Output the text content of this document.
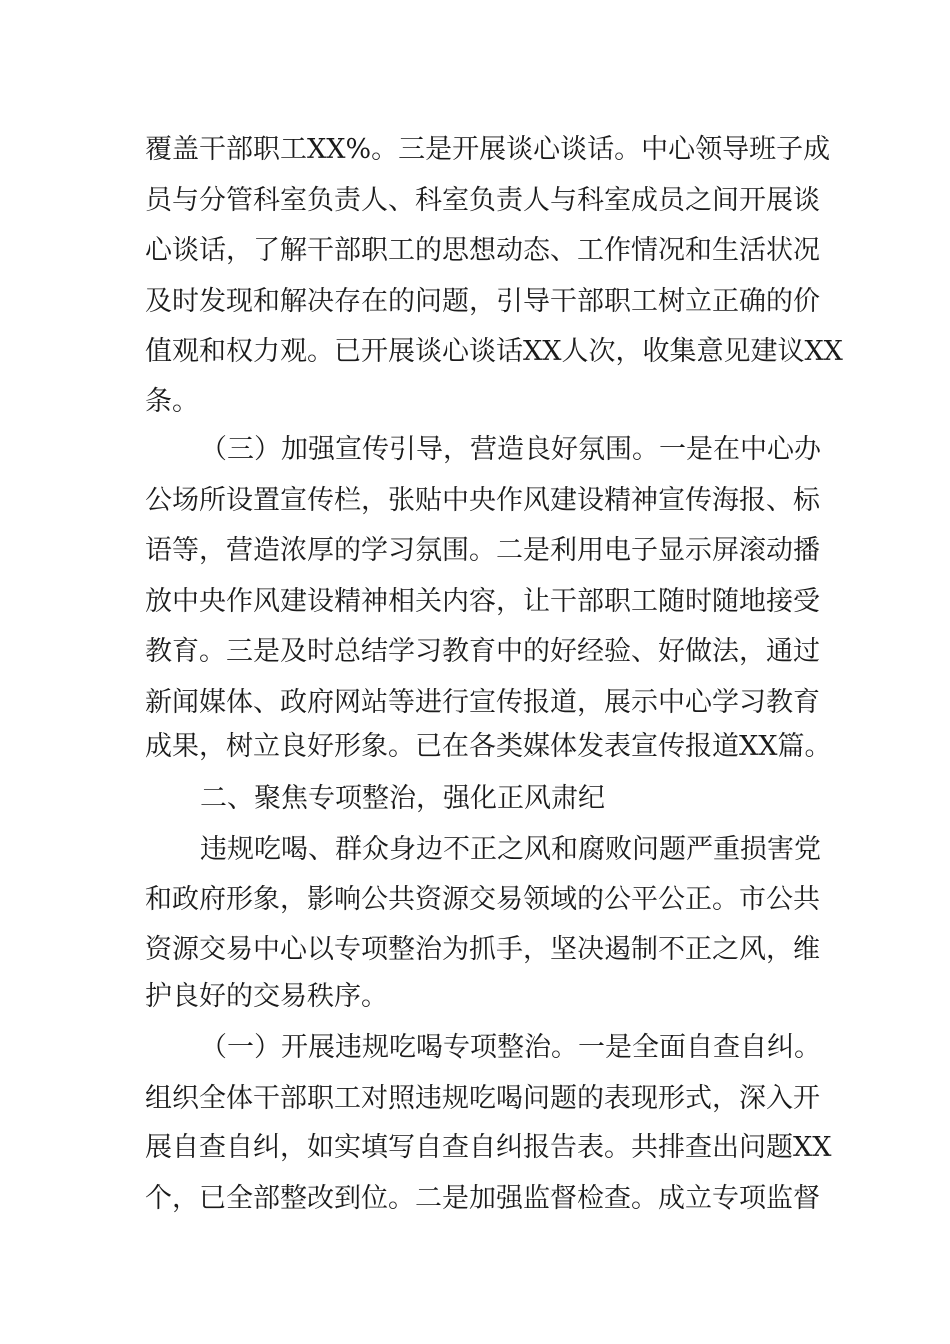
覆盖干部职工XX%。三是开展谈心谈话。中心领导班子成
员与分管科室负责人、科室负责人与科室成员之间开展谈
心谈话，了解干部职工的思想动态、工作情况和生活状况
及时发现和解决存在的问题，引导干部职工树立正确的价
值观和权力观。已开展谈心谈话XX人次，收集意见建议XX
条。
（三）加强宣传引导，营造良好氛围。一是在中心办
公场所设置宣传栏，张贴中央作风建设精神宣传海报、标
语等，营造浓厚的学习氛围。二是利用电子显示屏滚动播
放中央作风建设精神相关内容，让干部职工随时随地接受
教育。三是及时总结学习教育中的好经验、好做法，通过
新闻媒体、政府网站等进行宣传报道，展示中心学习教育
成果，树立良好形象。已在各类媒体发表宣传报道XX篇。
二、聚焦专项整治，强化正风肃纪
违规吃喝、群众身边不正之风和腐败问题严重损害党
和政府形象，影响公共资源交易领域的公平公正。市公共
资源交易中心以专项整治为抓手，坚决遏制不正之风，维
护良好的交易秩序。
（一）开展违规吃喝专项整治。一是全面自查自纠。
组织全体干部职工对照违规吃喝问题的表现形式，深入开
展自查自纠，如实填写自查自纠报告表。共排查出问题XX
个，已全部整改到位。二是加强监督检查。成立专项监督
